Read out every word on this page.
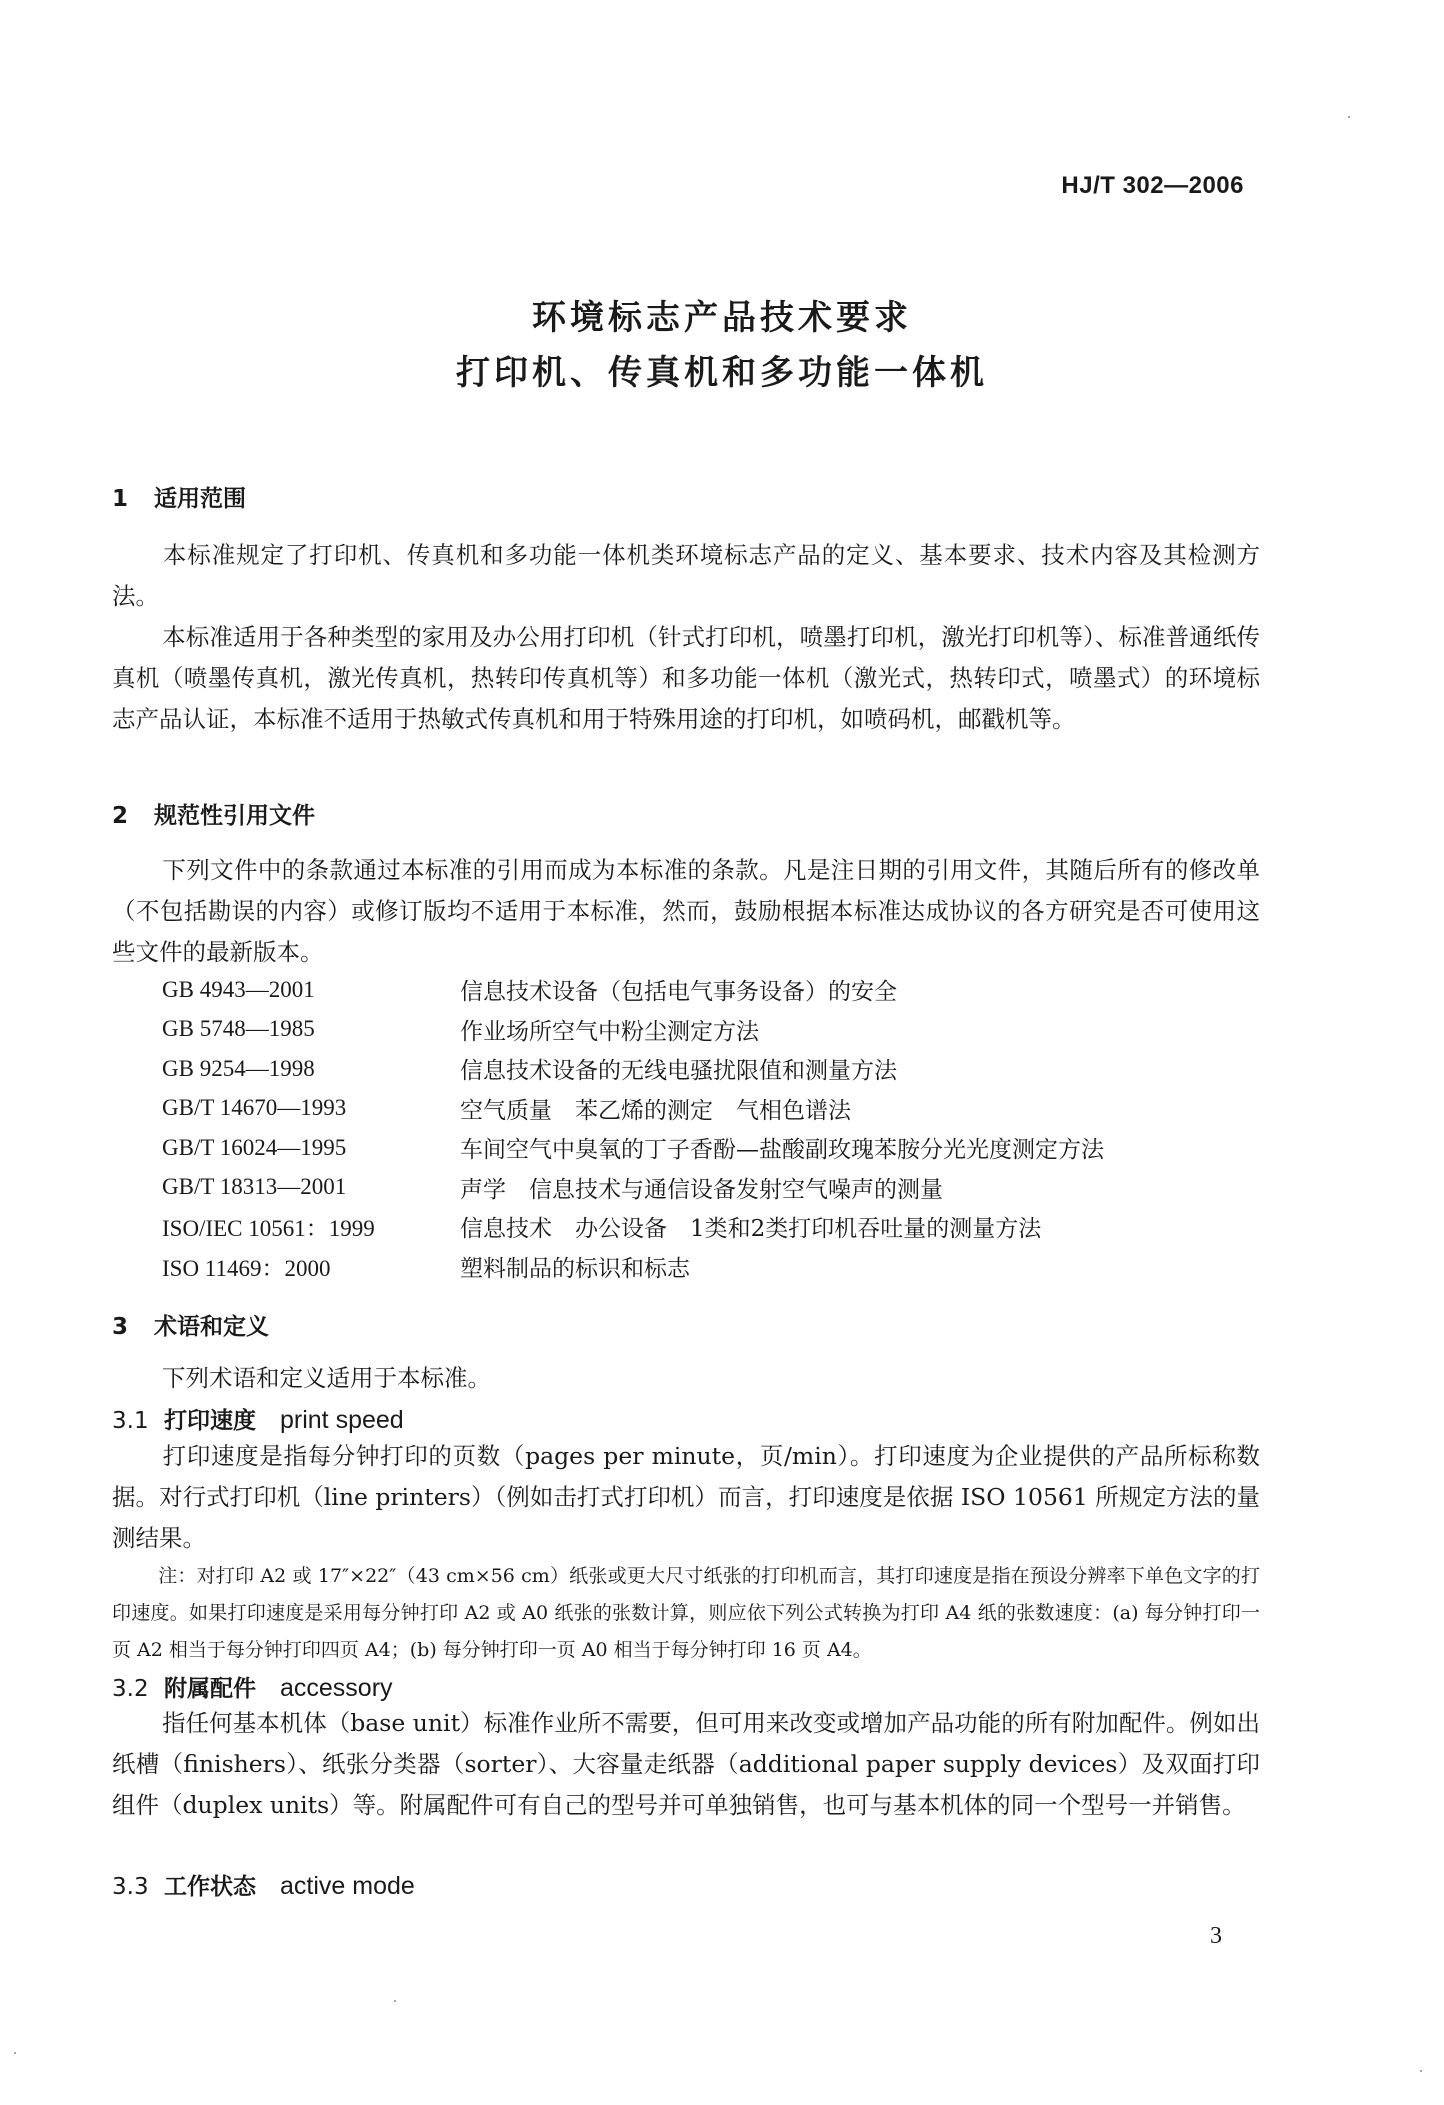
HJ/T 302—2006
环境标志产品技术要求
打印机、传真机和多功能一体机
1 适用范围
本标准规定了打印机、传真机和多功能一体机类环境标志产品的定义、基本要求、技术内容及其检测方法。
本标准适用于各种类型的家用及办公用打印机（针式打印机，喷墨打印机，激光打印机等）、标准普通纸传真机（喷墨传真机，激光传真机，热转印传真机等）和多功能一体机（激光式，热转印式，喷墨式）的环境标志产品认证，本标准不适用于热敏式传真机和用于特殊用途的打印机，如喷码机，邮戳机等。
2 规范性引用文件
下列文件中的条款通过本标准的引用而成为本标准的条款。凡是注日期的引用文件，其随后所有的修改单（不包括勘误的内容）或修订版均不适用于本标准，然而，鼓励根据本标准达成协议的各方研究是否可使用这些文件的最新版本。
GB 4943—2001	信息技术设备（包括电气事务设备）的安全
GB 5748—1985	作业场所空气中粉尘测定方法
GB 9254—1998	信息技术设备的无线电骚扰限值和测量方法
GB/T 14670—1993	空气质量　苯乙烯的测定　气相色谱法
GB/T 16024—1995	车间空气中臭氧的丁子香酚—盐酸副玫瑰苯胺分光光度测定方法
GB/T 18313—2001	声学　信息技术与通信设备发射空气噪声的测量
ISO/IEC 10561：1999	信息技术　办公设备　1类和2类打印机吞吐量的测量方法
ISO 11469：2000	塑料制品的标识和标志
3 术语和定义
下列术语和定义适用于本标准。
3.1 打印速度 print speed
打印速度是指每分钟打印的页数（pages per minute，页/min）。打印速度为企业提供的产品所标称数据。对行式打印机（line printers）（例如击打式打印机）而言，打印速度是依据 ISO 10561 所规定方法的量测结果。
注：对打印 A2 或 17″×22″（43 cm×56 cm）纸张或更大尺寸纸张的打印机而言，其打印速度是指在预设分辨率下单色文字的打印速度。如果打印速度是采用每分钟打印 A2 或 A0 纸张的张数计算，则应依下列公式转换为打印 A4 纸的张数速度：(a) 每分钟打印一页 A2 相当于每分钟打印四页 A4；(b) 每分钟打印一页 A0 相当于每分钟打印 16 页 A4。
3.2 附属配件 accessory
指任何基本机体（base unit）标准作业所不需要，但可用来改变或增加产品功能的所有附加配件。例如出纸槽（finishers）、纸张分类器（sorter）、大容量走纸器（additional paper supply devices）及双面打印组件（duplex units）等。附属配件可有自己的型号并可单独销售，也可与基本机体的同一个型号一并销售。
3.3 工作状态 active mode
3
